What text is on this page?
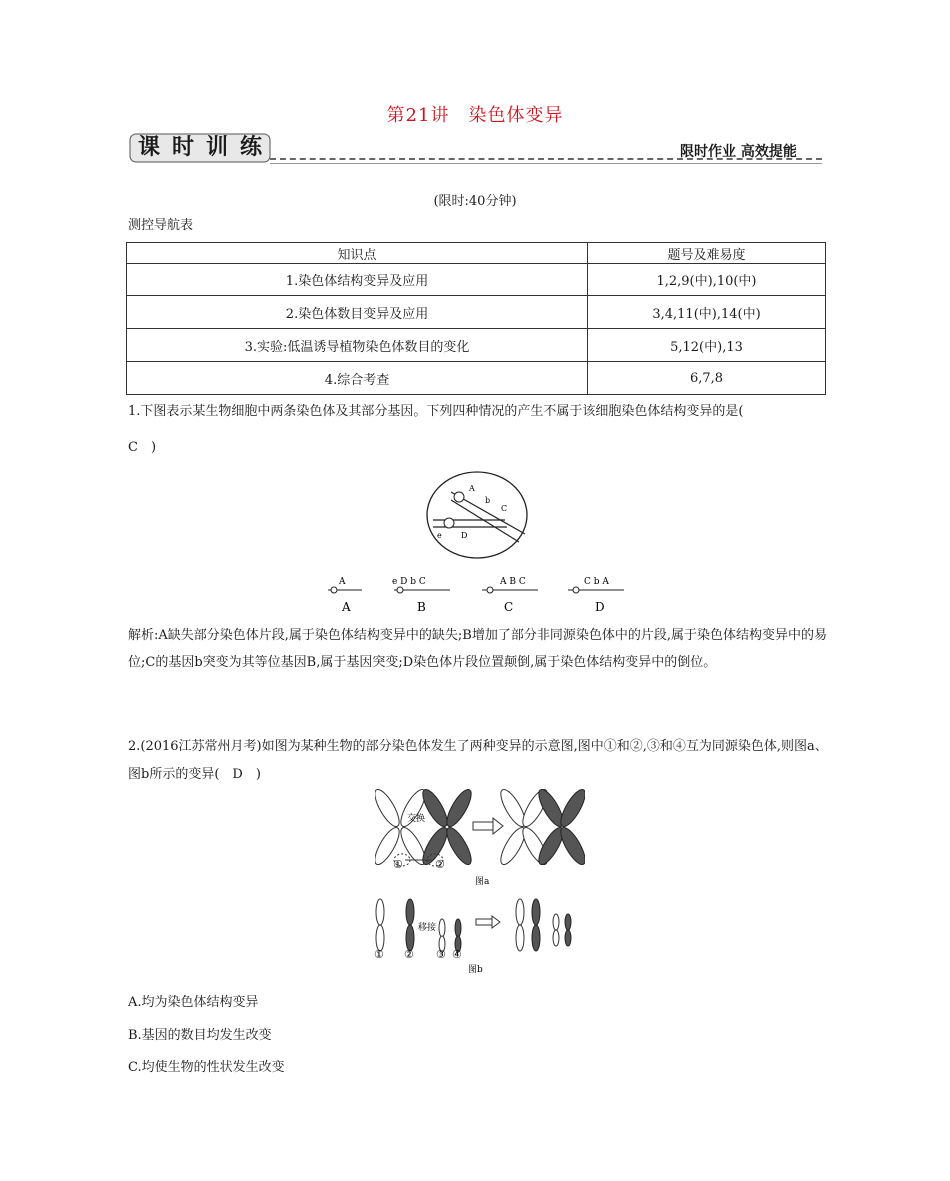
第21讲　染色体变异
课 时 训 练	限时作业 高效提能
(限时:40分钟)
测控导航表
知识点	题号及难易度
1.染色体结构变异及应用	1,2,9(中),10(中)
2.染色体数目变异及应用	3,4,11(中),14(中)
3.实验:低温诱导植物染色体数目的变化	5,12(中),13
4.综合考查	6,7,8
1.下图表示某生物细胞中两条染色体及其部分基因。下列四种情况的产生不属于该细胞染色体结构变异的是(
C　)
A
b
C
e D
A
A
e D b C
B
A B C
C
C b A
D
解析:A缺失部分染色体片段,属于染色体结构变异中的缺失;B增加了部分非同源染色体中的片段,属于染色体结构变异中的易位;C的基因b突变为其等位基因B,属于基因突变;D染色体片段位置颠倒,属于染色体结构变异中的倒位。
2.(2016江苏常州月考)如图为某种生物的部分染色体发生了两种变异的示意图,图中①和②,③和④互为同源染色体,则图a、图b所示的变异(　D　)
交换
①	②
图a
移接
① ② ③ ④
图b
A.均为染色体结构变异
B.基因的数目均发生改变
C.均使生物的性状发生改变
